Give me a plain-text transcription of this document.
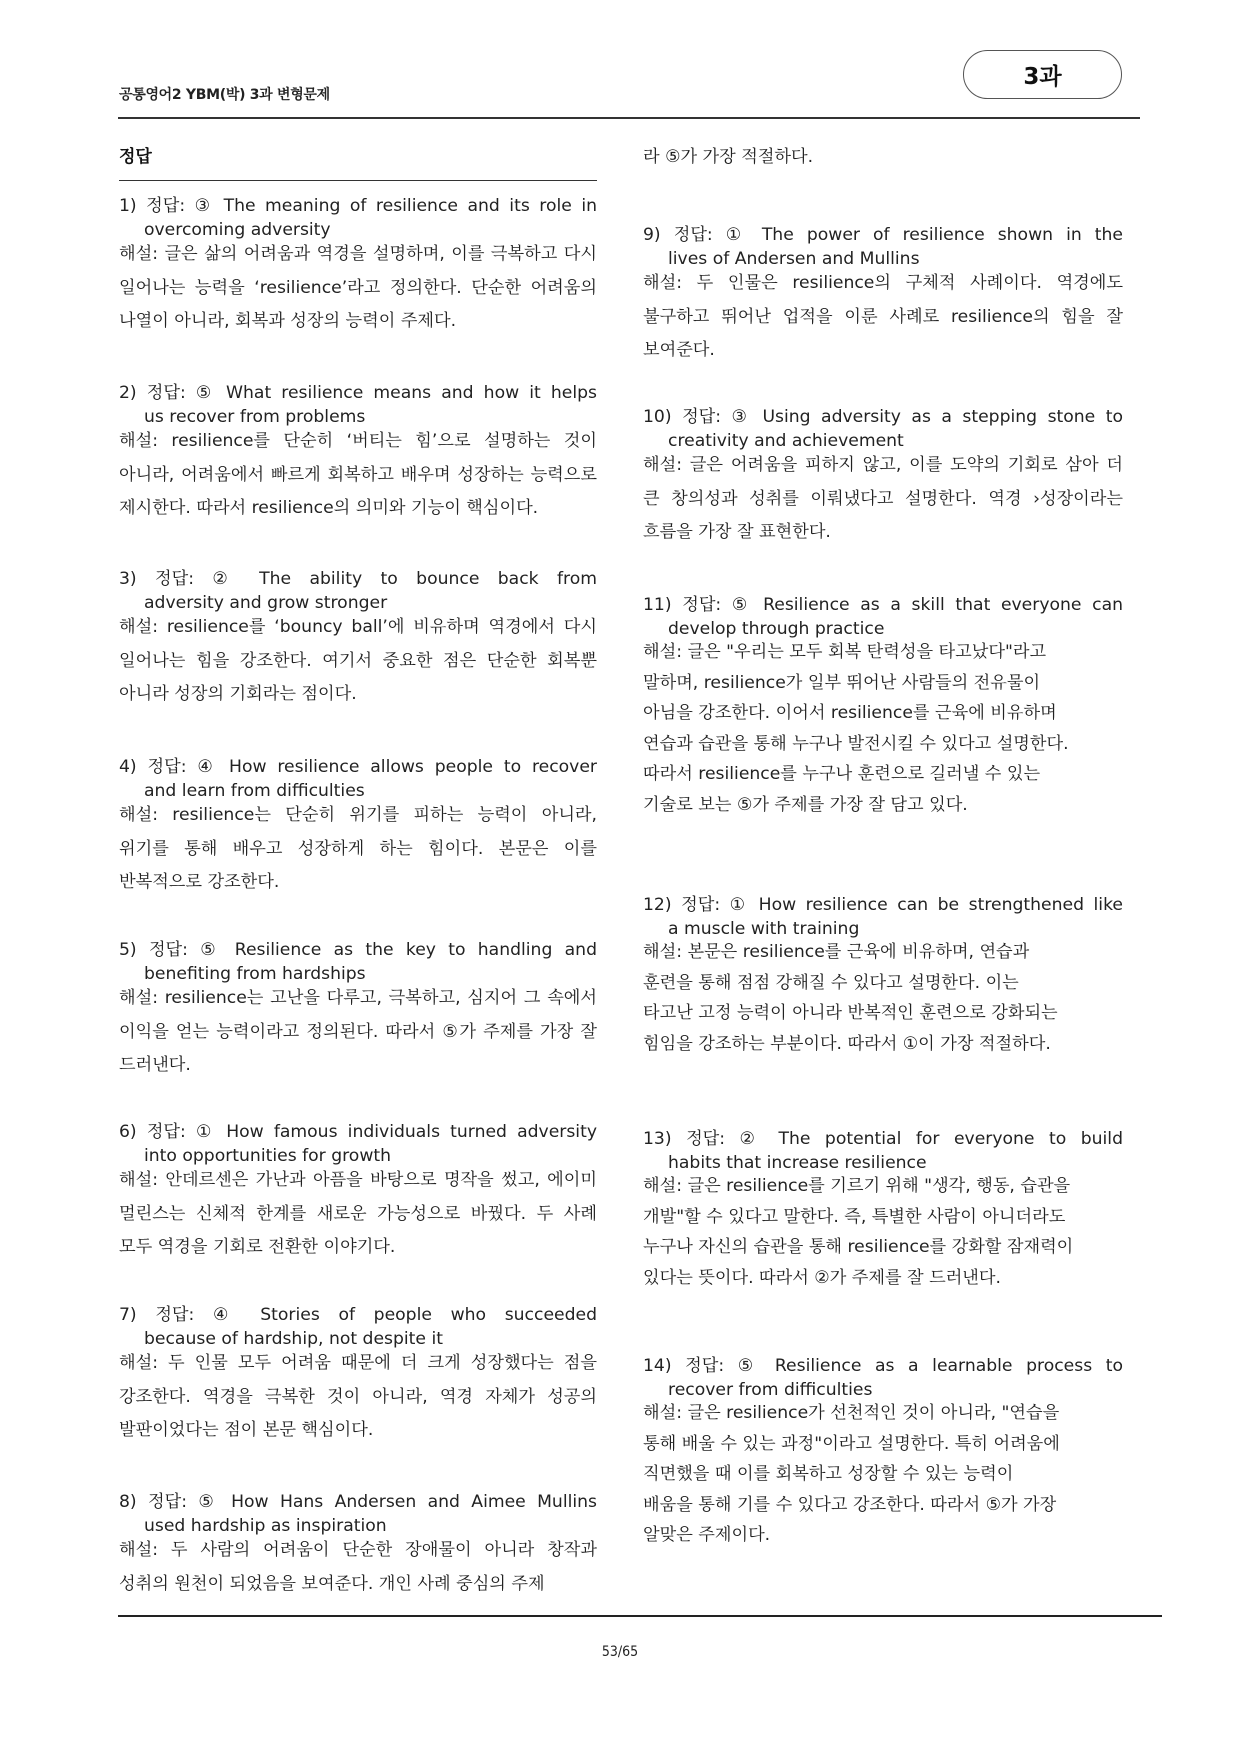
공통영어2 YBM(박) 3과 변형문제
3과
정답
1) 정답: ③ The meaning of resilience and its role in
overcoming adversity
해설: 글은 삶의 어려움과 역경을 설명하며, 이를 극복하고 다시 일어나는 능력을 ‘resilience’라고 정의한다. 단순한 어려움의 나열이 아니라, 회복과 성장의 능력이 주제다.
2) 정답: ⑤ What resilience means and how it helps
us recover from problems
해설: resilience를 단순히 ‘버티는 힘’으로 설명하는 것이 아니라, 어려움에서 빠르게 회복하고 배우며 성장하는 능력으로 제시한다. 따라서 resilience의 의미와 기능이 핵심이다.
3) 정답: ② The ability to bounce back from
adversity and grow stronger
해설: resilience를 ‘bouncy ball’에 비유하며 역경에서 다시 일어나는 힘을 강조한다. 여기서 중요한 점은 단순한 회복뿐 아니라 성장의 기회라는 점이다.
4) 정답: ④ How resilience allows people to recover
and learn from difficulties
해설: resilience는 단순히 위기를 피하는 능력이 아니라, 위기를 통해 배우고 성장하게 하는 힘이다. 본문은 이를 반복적으로 강조한다.
5) 정답: ⑤ Resilience as the key to handling and
benefiting from hardships
해설: resilience는 고난을 다루고, 극복하고, 심지어 그 속에서 이익을 얻는 능력이라고 정의된다. 따라서 ⑤가 주제를 가장 잘 드러낸다.
6) 정답: ① How famous individuals turned adversity
into opportunities for growth
해설: 안데르센은 가난과 아픔을 바탕으로 명작을 썼고, 에이미 멀린스는 신체적 한계를 새로운 가능성으로 바꿨다. 두 사례 모두 역경을 기회로 전환한 이야기다.
7) 정답: ④ Stories of people who succeeded
because of hardship, not despite it
해설: 두 인물 모두 어려움 때문에 더 크게 성장했다는 점을 강조한다. 역경을 극복한 것이 아니라, 역경 자체가 성공의 발판이었다는 점이 본문 핵심이다.
8) 정답: ⑤ How Hans Andersen and Aimee Mullins
used hardship as inspiration
해설: 두 사람의 어려움이 단순한 장애물이 아니라 창작과 성취의 원천이 되었음을 보여준다. 개인 사례 중심의 주제
라 ⑤가 가장 적절하다.
9) 정답: ① The power of resilience shown in the
lives of Andersen and Mullins
해설: 두 인물은 resilience의 구체적 사례이다. 역경에도 불구하고 뛰어난 업적을 이룬 사례로 resilience의 힘을 잘 보여준다.
10) 정답: ③ Using adversity as a stepping stone to
creativity and achievement
해설: 글은 어려움을 피하지 않고, 이를 도약의 기회로 삼아 더 큰 창의성과 성취를 이뤄냈다고 설명한다. 역경 ›성장이라는 흐름을 가장 잘 표현한다.
11) 정답: ⑤ Resilience as a skill that everyone can
develop through practice
해설: 글은 "우리는 모두 회복 탄력성을 타고났다"라고
말하며, resilience가 일부 뛰어난 사람들의 전유물이
아님을 강조한다. 이어서 resilience를 근육에 비유하며
연습과 습관을 통해 누구나 발전시킬 수 있다고 설명한다.
따라서 resilience를 누구나 훈련으로 길러낼 수 있는
기술로 보는 ⑤가 주제를 가장 잘 담고 있다.
12) 정답: ① How resilience can be strengthened like
a muscle with training
해설: 본문은 resilience를 근육에 비유하며, 연습과
훈련을 통해 점점 강해질 수 있다고 설명한다. 이는
타고난 고정 능력이 아니라 반복적인 훈련으로 강화되는
힘임을 강조하는 부분이다. 따라서 ①이 가장 적절하다.
13) 정답: ② The potential for everyone to build
habits that increase resilience
해설: 글은 resilience를 기르기 위해 "생각, 행동, 습관을
개발"할 수 있다고 말한다. 즉, 특별한 사람이 아니더라도
누구나 자신의 습관을 통해 resilience를 강화할 잠재력이
있다는 뜻이다. 따라서 ②가 주제를 잘 드러낸다.
14) 정답: ⑤ Resilience as a learnable process to
recover from difficulties
해설: 글은 resilience가 선천적인 것이 아니라, "연습을
통해 배울 수 있는 과정"이라고 설명한다. 특히 어려움에
직면했을 때 이를 회복하고 성장할 수 있는 능력이
배움을 통해 기를 수 있다고 강조한다. 따라서 ⑤가 가장
알맞은 주제이다.
53/65
